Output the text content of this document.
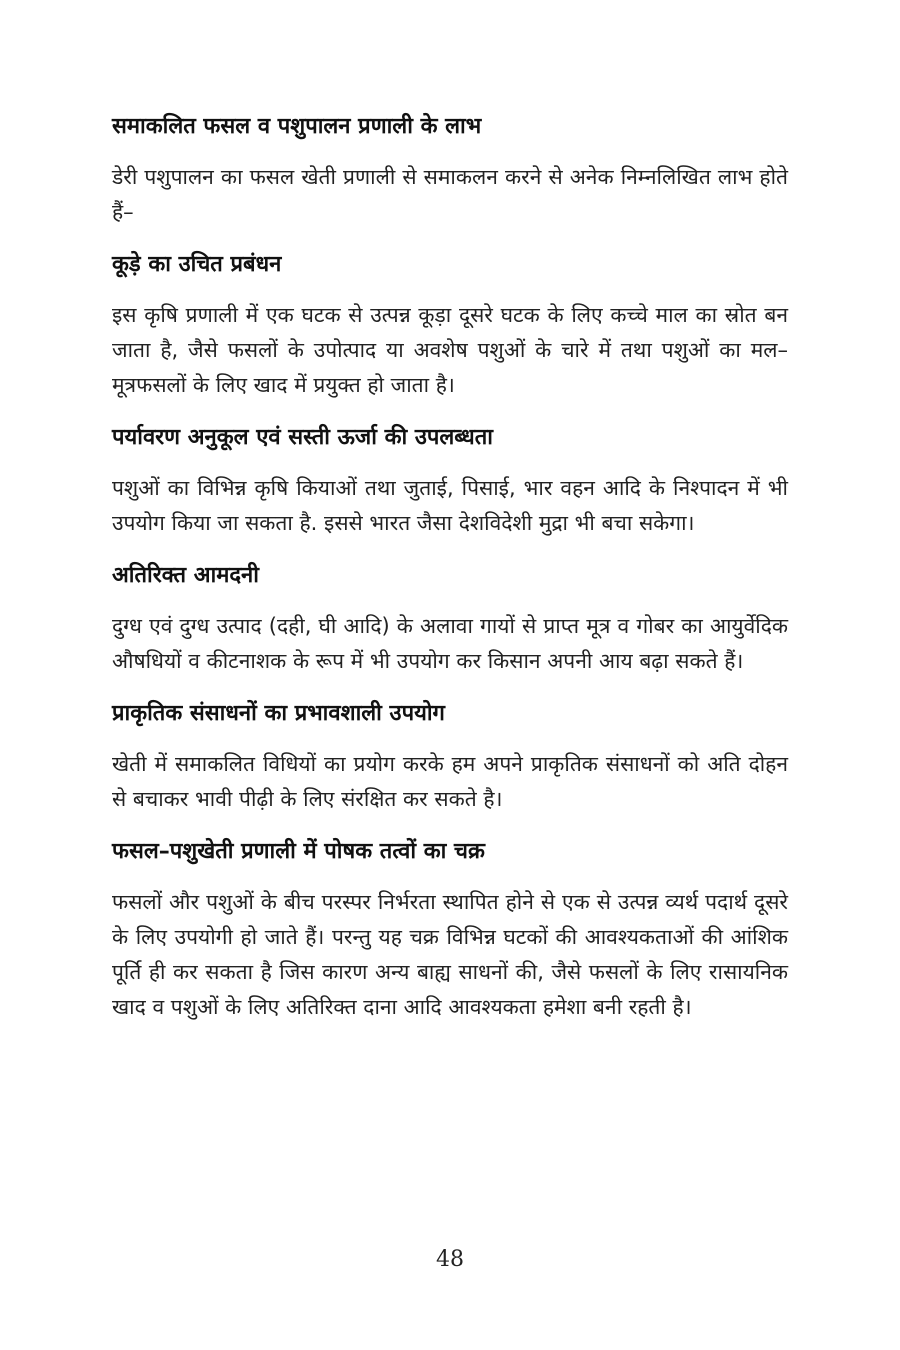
समाकलित फसल व पशुपालन प्रणाली के लाभ
डेरी पशुपालन का फसल खेती प्रणाली से समाकलन करने से अनेक निम्नलिखित लाभ होते हैं–
कूड़े का उचित प्रबंधन
इस कृषि प्रणाली में एक घटक से उत्पन्न कूड़ा दूसरे घटक के लिए कच्चे माल का स्रोत बन जाता है, जैसे फसलों के उपोत्पाद या अवशेष पशुओं के चारे में तथा पशुओं का मल–मूत्रफसलों के लिए खाद में प्रयुक्त हो जाता है।
पर्यावरण अनुकूल एवं सस्ती ऊर्जा की उपलब्धता
पशुओं का विभिन्न कृषि कियाओं तथा जुताई, पिसाई, भार वहन आदि के निश्पादन में भी उपयोग किया जा सकता है. इससे भारत जैसा देशविदेशी मुद्रा भी बचा सकेगा।
अतिरिक्त आमदनी
दुग्ध एवं दुग्ध उत्पाद (दही, घी आदि) के अलावा गायों से प्राप्त मूत्र व गोबर का आयुर्वेदिक औषधियों व कीटनाशक के रूप में भी उपयोग कर किसान अपनी आय बढ़ा सकते हैं।
प्राकृतिक संसाधनों का प्रभावशाली उपयोग
खेती में समाकलित विधियों का प्रयोग करके हम अपने प्राकृतिक संसाधनों को अति दोहन से बचाकर भावी पीढ़ी के लिए संरक्षित कर सकते है।
फसल–पशुखेती प्रणाली में पोषक तत्वों का चक्र
फसलों और पशुओं के बीच परस्पर निर्भरता स्थापित होने से एक से उत्पन्न व्यर्थ पदार्थ दूसरे के लिए उपयोगी हो जाते हैं। परन्तु यह चक्र विभिन्न घटकों की आवश्यकताओं की आंशिक पूर्ति ही कर सकता है जिस कारण अन्य बाह्य साधनों की, जैसे फसलों के लिए रासायनिक खाद व पशुओं के लिए अतिरिक्त दाना आदि आवश्यकता हमेशा बनी रहती है।
48
